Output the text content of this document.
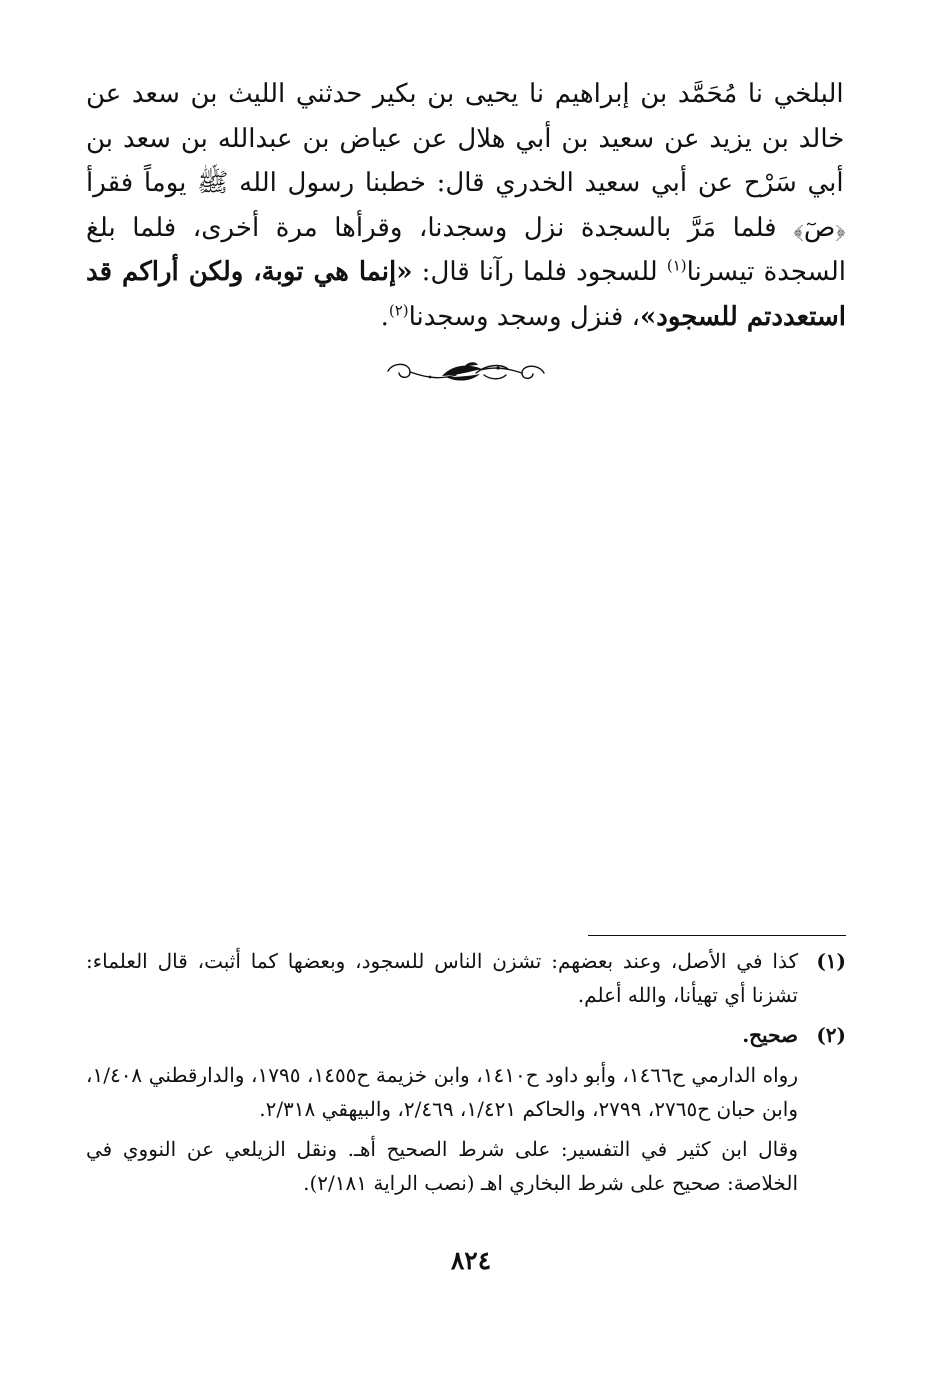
البلخي نا مُحَمَّد بن إبراهيم نا يحيى بن بكير حدثني الليث بن سعد عن خالد بن يزيد عن سعيد بن أبي هلال عن عياض بن عبدالله بن سعد بن أبي سَرْح عن أبي سعيد الخدري قال: خطبنا رسول الله ﷺ يوماً فقرأ ﴿صٓ﴾ فلما مَرَّ بالسجدة نزل وسجدنا، وقرأها مرة أخرى، فلما بلغ السجدة تيسرنا$^{(١)}$ للسجود فلما رآنا قال: «إنما هي توبة، ولكن أراكم قد استعددتم للسجود»، فنزل وسجد وسجدنا$^{(٢)}$.

(١)

كذا في الأصل، وعند بعضهم: تشزن الناس للسجود، وبعضها كما أثبت، قال العلماء: تشزنا أي تهيأنا، والله أعلم.

(٢)

صحيح.

رواه الدارمي ح١٤٦٦، وأبو داود ح١٤١٠، وابن خزيمة ح١٤٥٥، ١٧٩٥، والدارقطني ١/٤٠٨، وابن حبان ح٢٧٦٥، ٢٧٩٩، والحاكم ١/٤٢١، ٢/٤٦٩، والبيهقي ٢/٣١٨.

وقال ابن كثير في التفسير: على شرط الصحيح أهـ. ونقل الزيلعي عن النووي في الخلاصة: صحيح على شرط البخاري اهـ (نصب الراية ٢/١٨١).

٨٢٤
